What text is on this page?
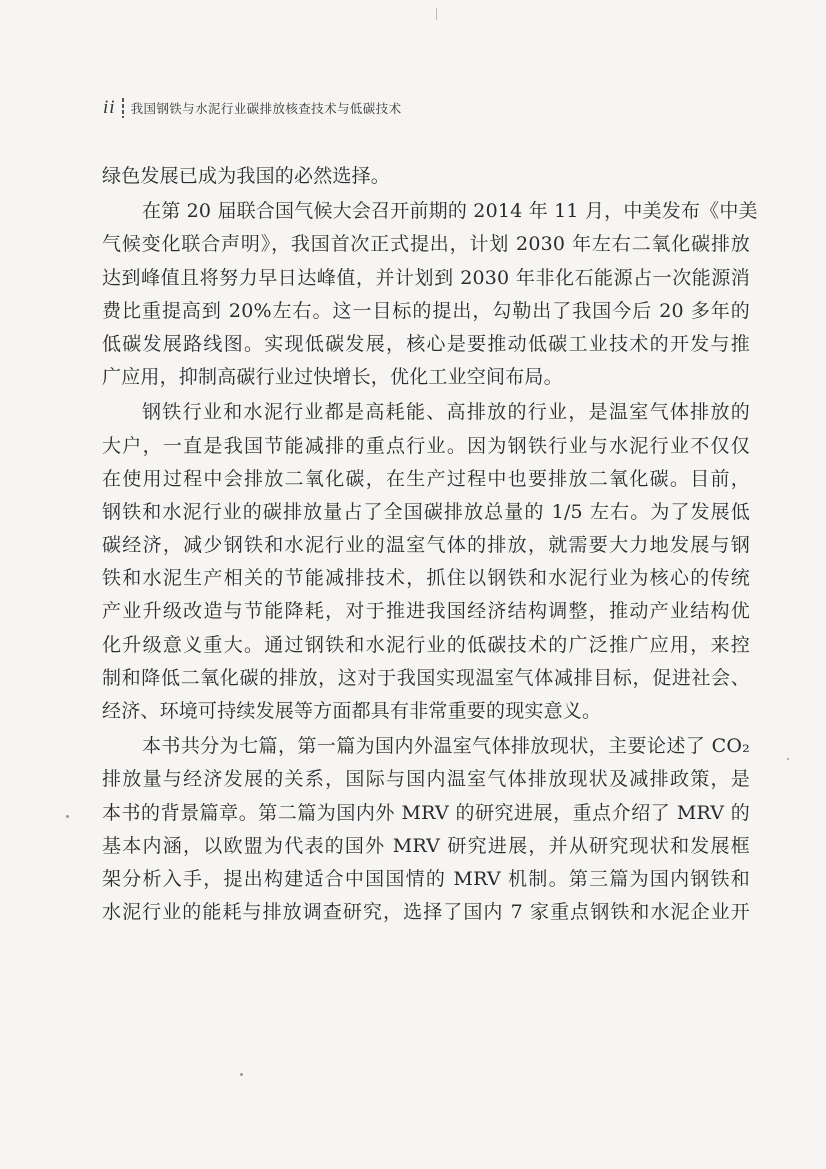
ii 我国钢铁与水泥行业碳排放核查技术与低碳技术
绿色发展已成为我国的必然选择。
在第 20 届联合国气候大会召开前期的 2014 年 11 月，中美发布《中美
气候变化联合声明》，我国首次正式提出，计划 2030 年左右二氧化碳排放
达到峰值且将努力早日达峰值，并计划到 2030 年非化石能源占一次能源消
费比重提高到 20%左右。这一目标的提出，勾勒出了我国今后 20 多年的
低碳发展路线图。实现低碳发展，核心是要推动低碳工业技术的开发与推
广应用，抑制高碳行业过快增长，优化工业空间布局。
钢铁行业和水泥行业都是高耗能、高排放的行业，是温室气体排放的
大户，一直是我国节能减排的重点行业。因为钢铁行业与水泥行业不仅仅
在使用过程中会排放二氧化碳，在生产过程中也要排放二氧化碳。目前，
钢铁和水泥行业的碳排放量占了全国碳排放总量的 1/5 左右。为了发展低
碳经济，减少钢铁和水泥行业的温室气体的排放，就需要大力地发展与钢
铁和水泥生产相关的节能减排技术，抓住以钢铁和水泥行业为核心的传统
产业升级改造与节能降耗，对于推进我国经济结构调整，推动产业结构优
化升级意义重大。通过钢铁和水泥行业的低碳技术的广泛推广应用，来控
制和降低二氧化碳的排放，这对于我国实现温室气体减排目标，促进社会、
经济、环境可持续发展等方面都具有非常重要的现实意义。
本书共分为七篇，第一篇为国内外温室气体排放现状，主要论述了 CO₂
排放量与经济发展的关系，国际与国内温室气体排放现状及减排政策，是
本书的背景篇章。第二篇为国内外 MRV 的研究进展，重点介绍了 MRV 的
基本内涵，以欧盟为代表的国外 MRV 研究进展，并从研究现状和发展框
架分析入手，提出构建适合中国国情的 MRV 机制。第三篇为国内钢铁和
水泥行业的能耗与排放调查研究，选择了国内 7 家重点钢铁和水泥企业开
